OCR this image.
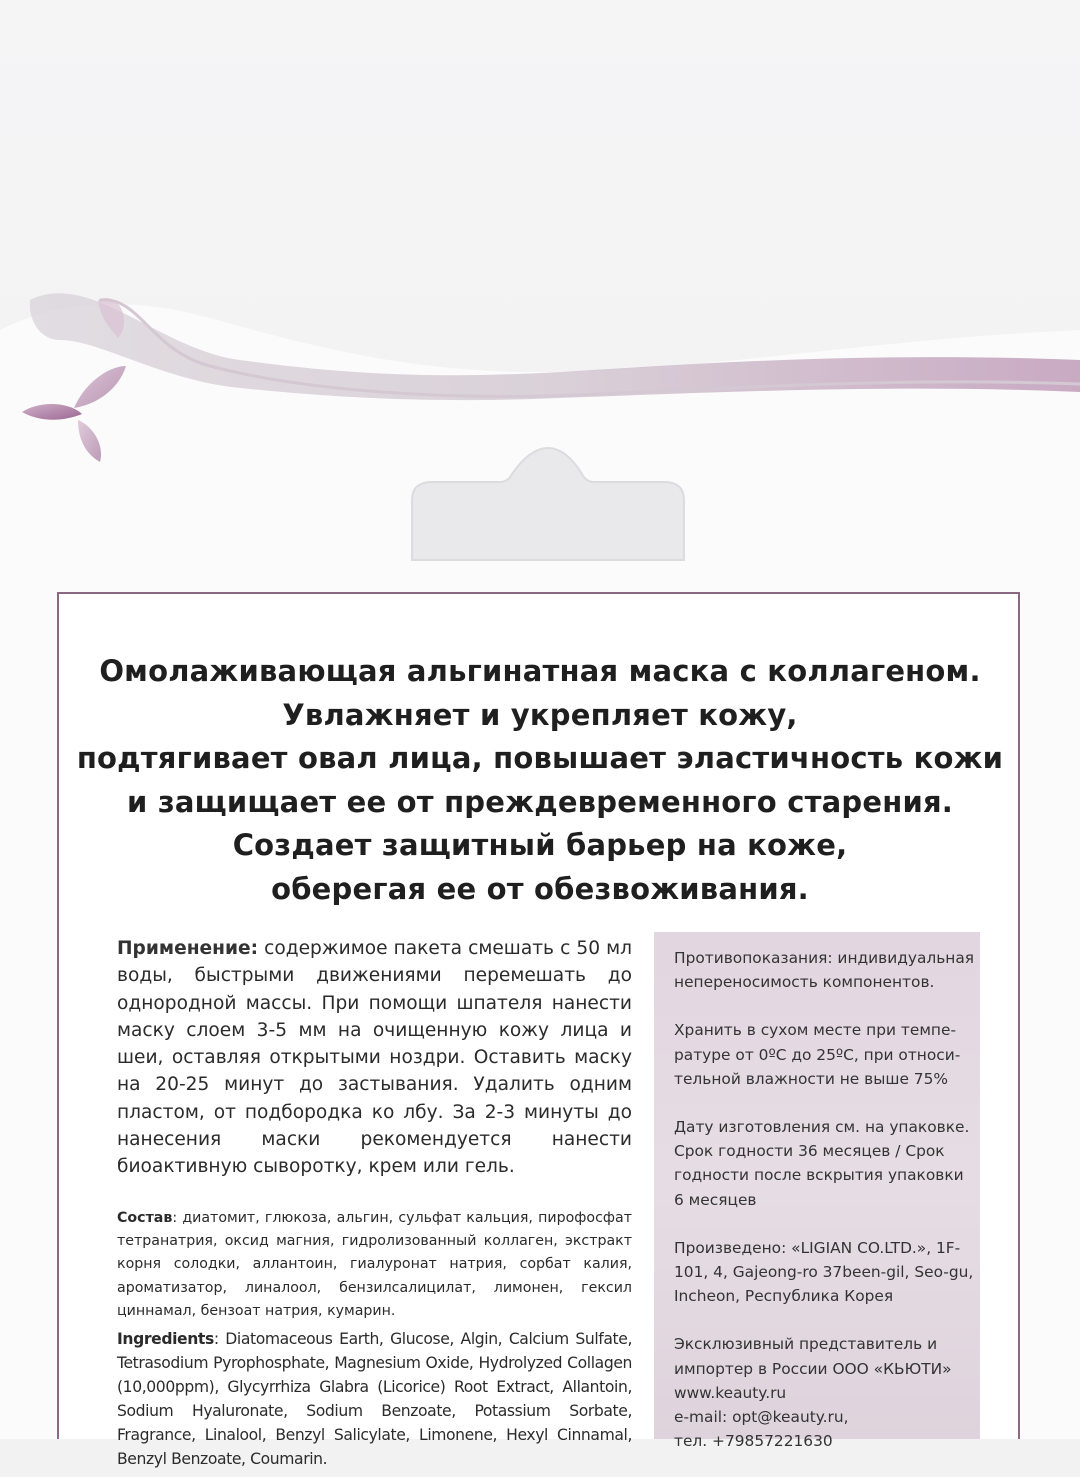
Омолаживающая альгинатная маска с коллагеном.
Увлажняет и укрепляет кожу,
подтягивает овал лица, повышает эластичность кожи
и защищает ее от преждевременного старения.
Создает защитный барьер на коже,
оберегая ее от обезвоживания.
Применение: содержимое пакета смешать с 50 мл воды, быстрыми движениями перемешать до однородной массы. При помощи шпателя нанести маску слоем 3-5 мм на очищенную кожу лица и шеи, оставляя открытыми ноздри. Оставить маску на 20-25 минут до застывания. Удалить одним пластом, от подбородка ко лбу. За 2-3 минуты до нанесения маски рекомендуется нанести биоактивную сыворотку, крем или гель.
Состав: диатомит, глюкоза, альгин, сульфат кальция, пирофосфат тетранатрия, оксид магния, гидролизованный коллаген, экстракт корня солодки, аллантоин, гиалуронат натрия, сорбат калия, ароматизатор, линалоол, бензилсалицилат, лимонен, гексил циннамал, бензоат натрия, кумарин.
Ingredients: Diatomaceous Earth, Glucose, Algin, Calcium Sulfate, Tetrasodium Pyrophosphate, Magnesium Oxide, Hydrolyzed Collagen (10,000ppm), Glycyrrhiza Glabra (Licorice) Root Extract, Allantoin, Sodium Hyaluronate, Sodium Benzoate, Potassium Sorbate, Fragrance, Linalool, Benzyl Salicylate, Limonene, Hexyl Cinnamal, Benzyl Benzoate, Coumarin.

Противопоказания: индивидуальная
непереносимость компонентов.

Хранить в сухом месте при темпе-
ратуре от 0ºС до 25ºС, при относи-
тельной влажности не выше 75%

Дату изготовления см. на упаковке.
Срок годности 36 месяцев / Срок
годности после вскрытия упаковки
6 месяцев

Произведено: «LIGIAN CO.LTD.», 1F-
101, 4, Gajeong-ro 37been-gil, Seo-gu,
Incheon, Республика Корея

Эксклюзивный представитель и
импортер в России ООО «КЬЮТИ»
www.keauty.ru
e-mail: opt@keauty.ru,
тел. +79857221630
